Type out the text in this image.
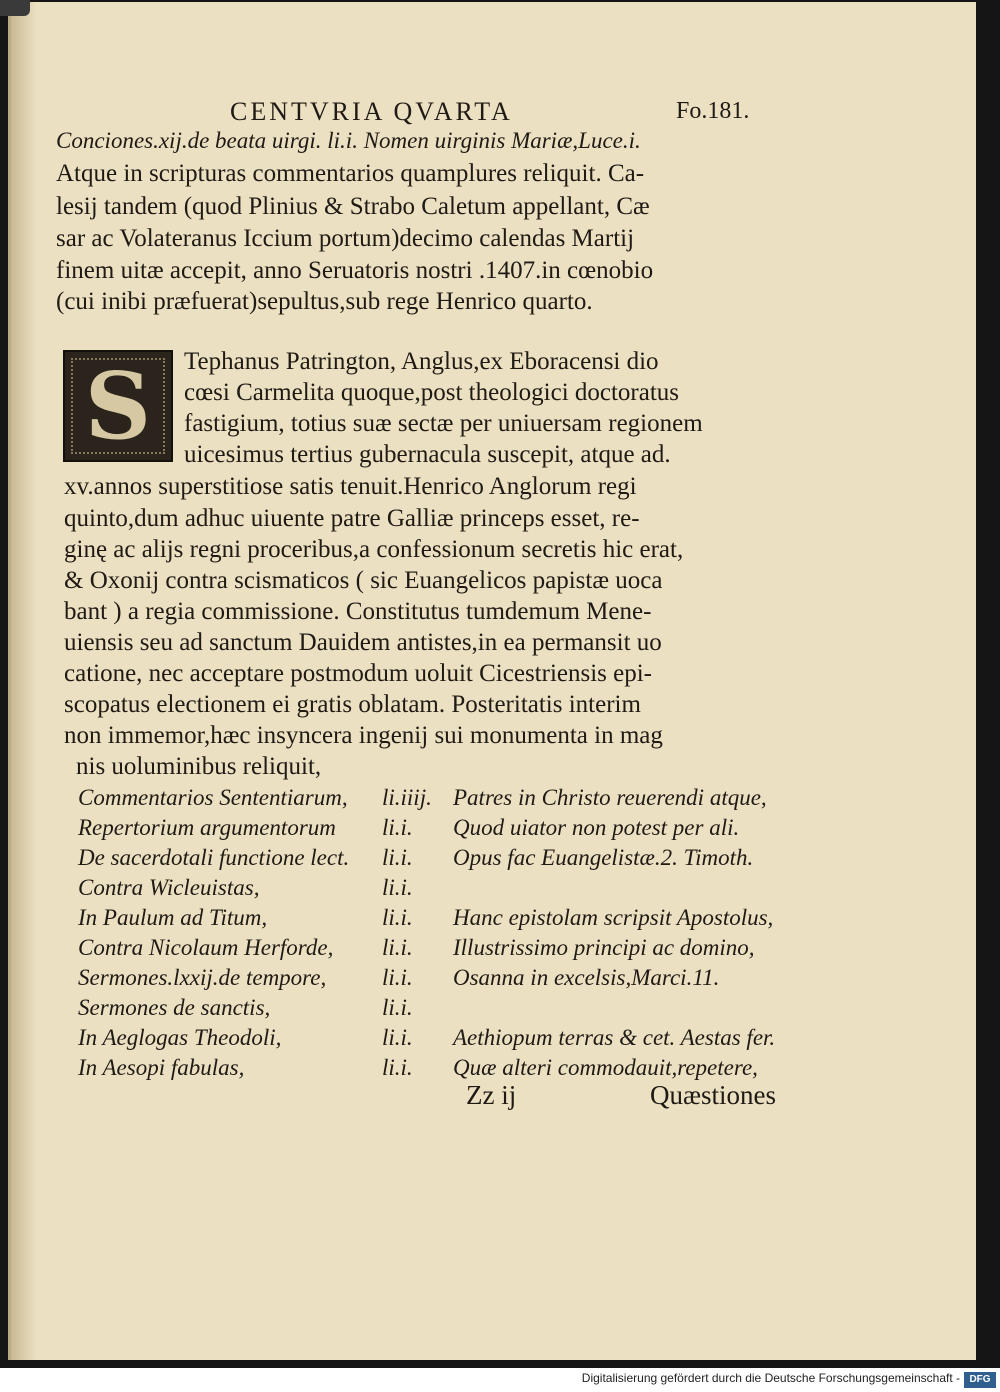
CENTVRIA QVARTA	Fo.181.
Conciones.xij.de beata uirgi. li.i. Nomen uirginis Mariæ,Luce.i.
Atque in scripturas commentarios quamplures reliquit. Ca-
lesij tandem (quod Plinius & Strabo Caletum appellant, Cæ
sar ac Volateranus Iccium portum)decimo calendas Martij
finem uitæ accepit, anno Seruatoris nostri .1407.in cœnobio
(cui inibi præfuerat)sepultus,sub rege Henrico quarto.
S	Tephanus Patrington, Anglus,ex Eboracensi dio
cœsi Carmelita quoque,post theologici doctoratus
fastigium, totius suæ sectæ per uniuersam regionem
uicesimus tertius gubernacula suscepit, atque ad.
xv.annos superstitiose satis tenuit.Henrico Anglorum regi
quinto,dum adhuc uiuente patre Galliæ princeps esset, re-
ginę ac alijs regni proceribus,a confessionum secretis hic erat,
& Oxonij contra scismaticos ( sic Euangelicos papistæ uoca
bant ) a regia commissione. Constitutus tumdemum Mene-
uiensis seu ad sanctum Dauidem antistes,in ea permansit uo
catione, nec acceptare postmodum uoluit Cicestriensis epi-
scopatus electionem ei gratis oblatam. Posteritatis interim
non immemor,hæc insyncera ingenij sui monumenta in mag
nis uoluminibus reliquit,
Commentarios Sententiarum, li.iiij. Patres in Christo reuerendi atque,
Repertorium argumentorum li.i. Quod uiator non potest per ali.
De sacerdotali functione lect. li.i. Opus fac Euangelistæ.2. Timoth.
Contra Wicleuistas,	li.i.
In Paulum ad Titum,	li.i. Hanc epistolam scripsit Apostolus,
Contra Nicolaum Herforde, li.i. Illustrissimo principi ac domino,
Sermones.lxxij.de tempore, li.i. Osanna in excelsis,Marci.11.
Sermones de sanctis,	li.i.
In Aeglogas Theodoli,	li.i. Aethiopum terras & cet. Aestas fer.
In Aesopi fabulas,	li.i. Quæ alteri commodauit,repetere,
Zz ij	Quæstiones
Digitalisierung gefördert durch die Deutsche Forschungsgemeinschaft - DFG
